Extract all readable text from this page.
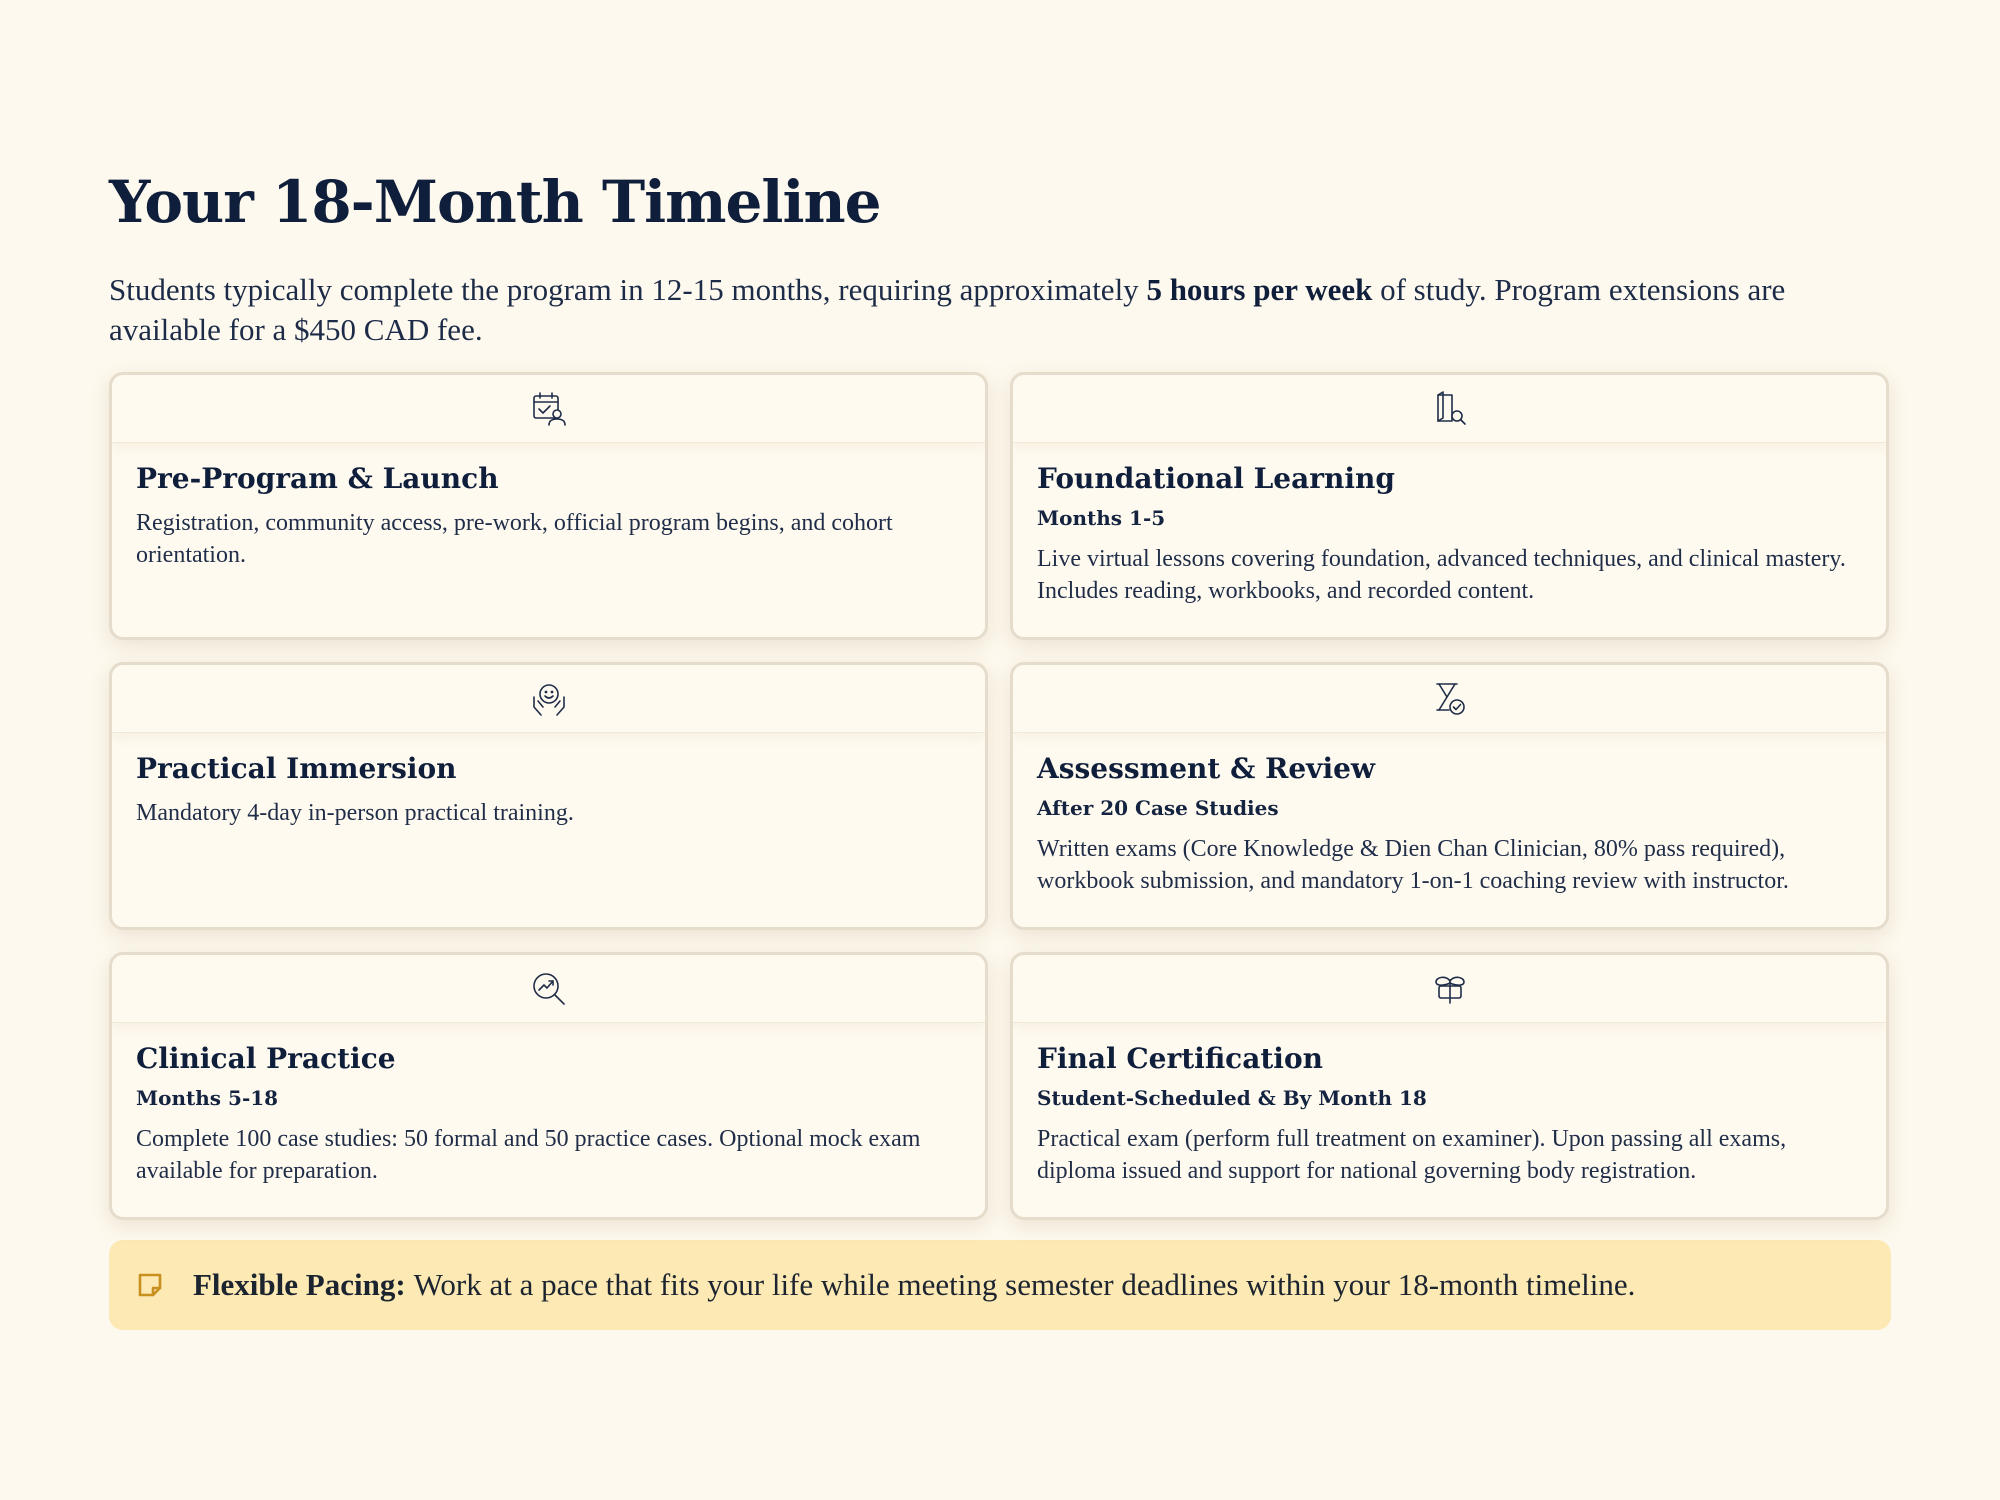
Your 18-Month Timeline

Students typically complete the program in 12-15 months, requiring approximately 5 hours per week of study. Program extensions are available for a $450 CAD fee.

Pre-Program & Launch
Registration, community access, pre-work, official program begins, and cohort orientation.
Foundational Learning
Months 1-5
Live virtual lessons covering foundation, advanced techniques, and clinical mastery. Includes reading, workbooks, and recorded content.
Practical Immersion
Mandatory 4-day in-person practical training.
Assessment & Review
After 20 Case Studies
Written exams (Core Knowledge & Dien Chan Clinician, 80% pass required), workbook submission, and mandatory 1-on-1 coaching review with instructor.
Clinical Practice
Months 5-18
Complete 100 case studies: 50 formal and 50 practice cases. Optional mock exam available for preparation.
Final Certification
Student-Scheduled & By Month 18
Practical exam (perform full treatment on examiner). Upon passing all exams, diploma issued and support for national governing body registration.
Flexible Pacing: Work at a pace that fits your life while meeting semester deadlines within your 18-month timeline.
